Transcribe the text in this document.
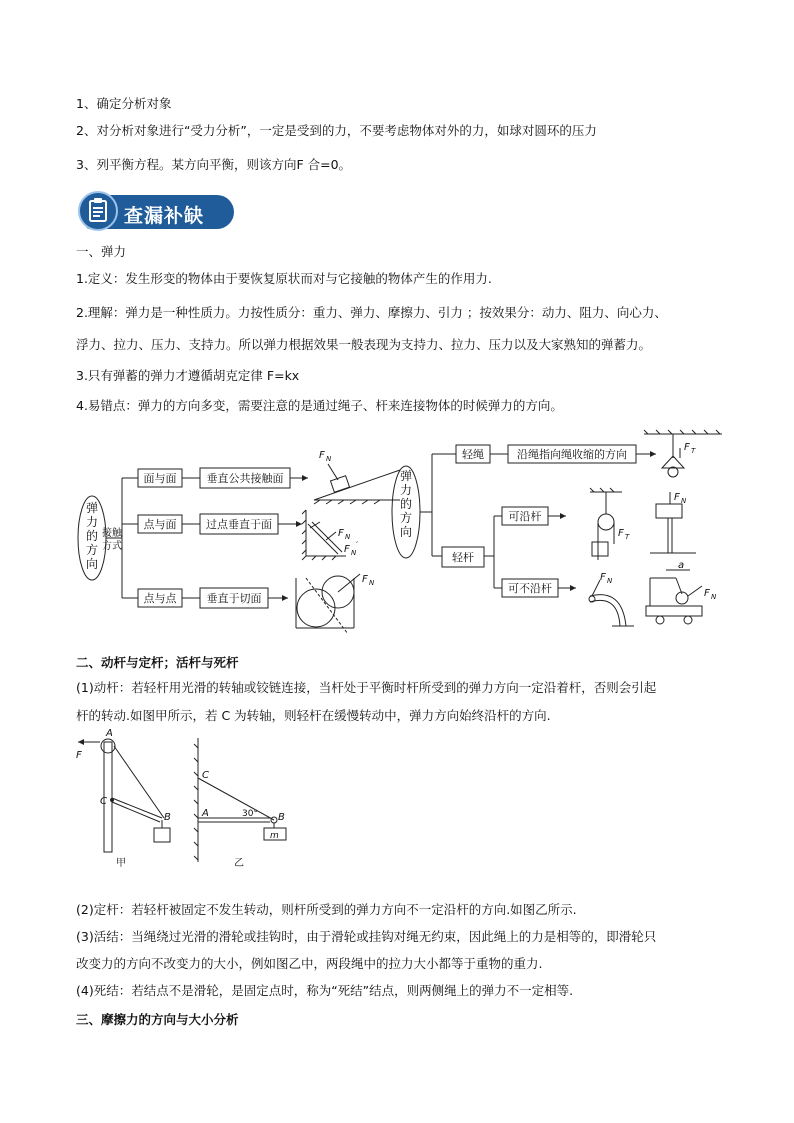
1、确定分析对象
2、对分析对象进行“受力分析”，一定是受到的力，不要考虑物体对外的力，如球对圆环的压力
3、列平衡方程。某方向平衡，则该方向F 合=0。
查漏补缺
一、弹力
1.定义：发生形变的物体由于要恢复原状而对与它接触的物体产生的作用力.
2.理解：弹力是一种性质力。力按性质分：重力、弹力、摩擦力、引力 ；按效果分：动力、阻力、向心力、
浮力、拉力、压力、支持力。所以弹力根据效果一般表现为支持力、拉力、压力以及大家熟知的弹蓄力。
3.只有弹蓄的弹力才遵循胡克定律 F=kx
4.易错点：弹力的方向多变，需要注意的是通过绳子、杆来连接物体的时候弹力的方向。
弹
力
的
方
向
接触
方式
面与面
点与面
点与点
垂直公共接触面
过点垂直于面
垂直于切面
弹
力
的
方
向
轻绳	沿绳指向绳收缩的方向
轻杆
可沿杆
可不沿杆
F N
F N
F N
′
F N
F T
F T
F N
F N
a
F N
二、动杆与定杆；活杆与死杆
(1)动杆：若轻杆用光滑的转轴或铰链连接，当杆处于平衡时杆所受到的弹力方向一定沿着杆，否则会引起
杆的转动.如图甲所示，若 C 为转轴，则轻杆在缓慢转动中，弹力方向始终沿杆的方向.
F
A
C
B
C
A	B
m
30°
甲	乙
(2)定杆：若轻杆被固定不发生转动，则杆所受到的弹力方向不一定沿杆的方向.如图乙所示.
(3)活结：当绳绕过光滑的滑轮或挂钩时，由于滑轮或挂钩对绳无约束，因此绳上的力是相等的，即滑轮只
改变力的方向不改变力的大小，例如图乙中，两段绳中的拉力大小都等于重物的重力.
(4)死结：若结点不是滑轮，是固定点时，称为“死结”结点，则两侧绳上的弹力不一定相等.
三、摩擦力的方向与大小分析
